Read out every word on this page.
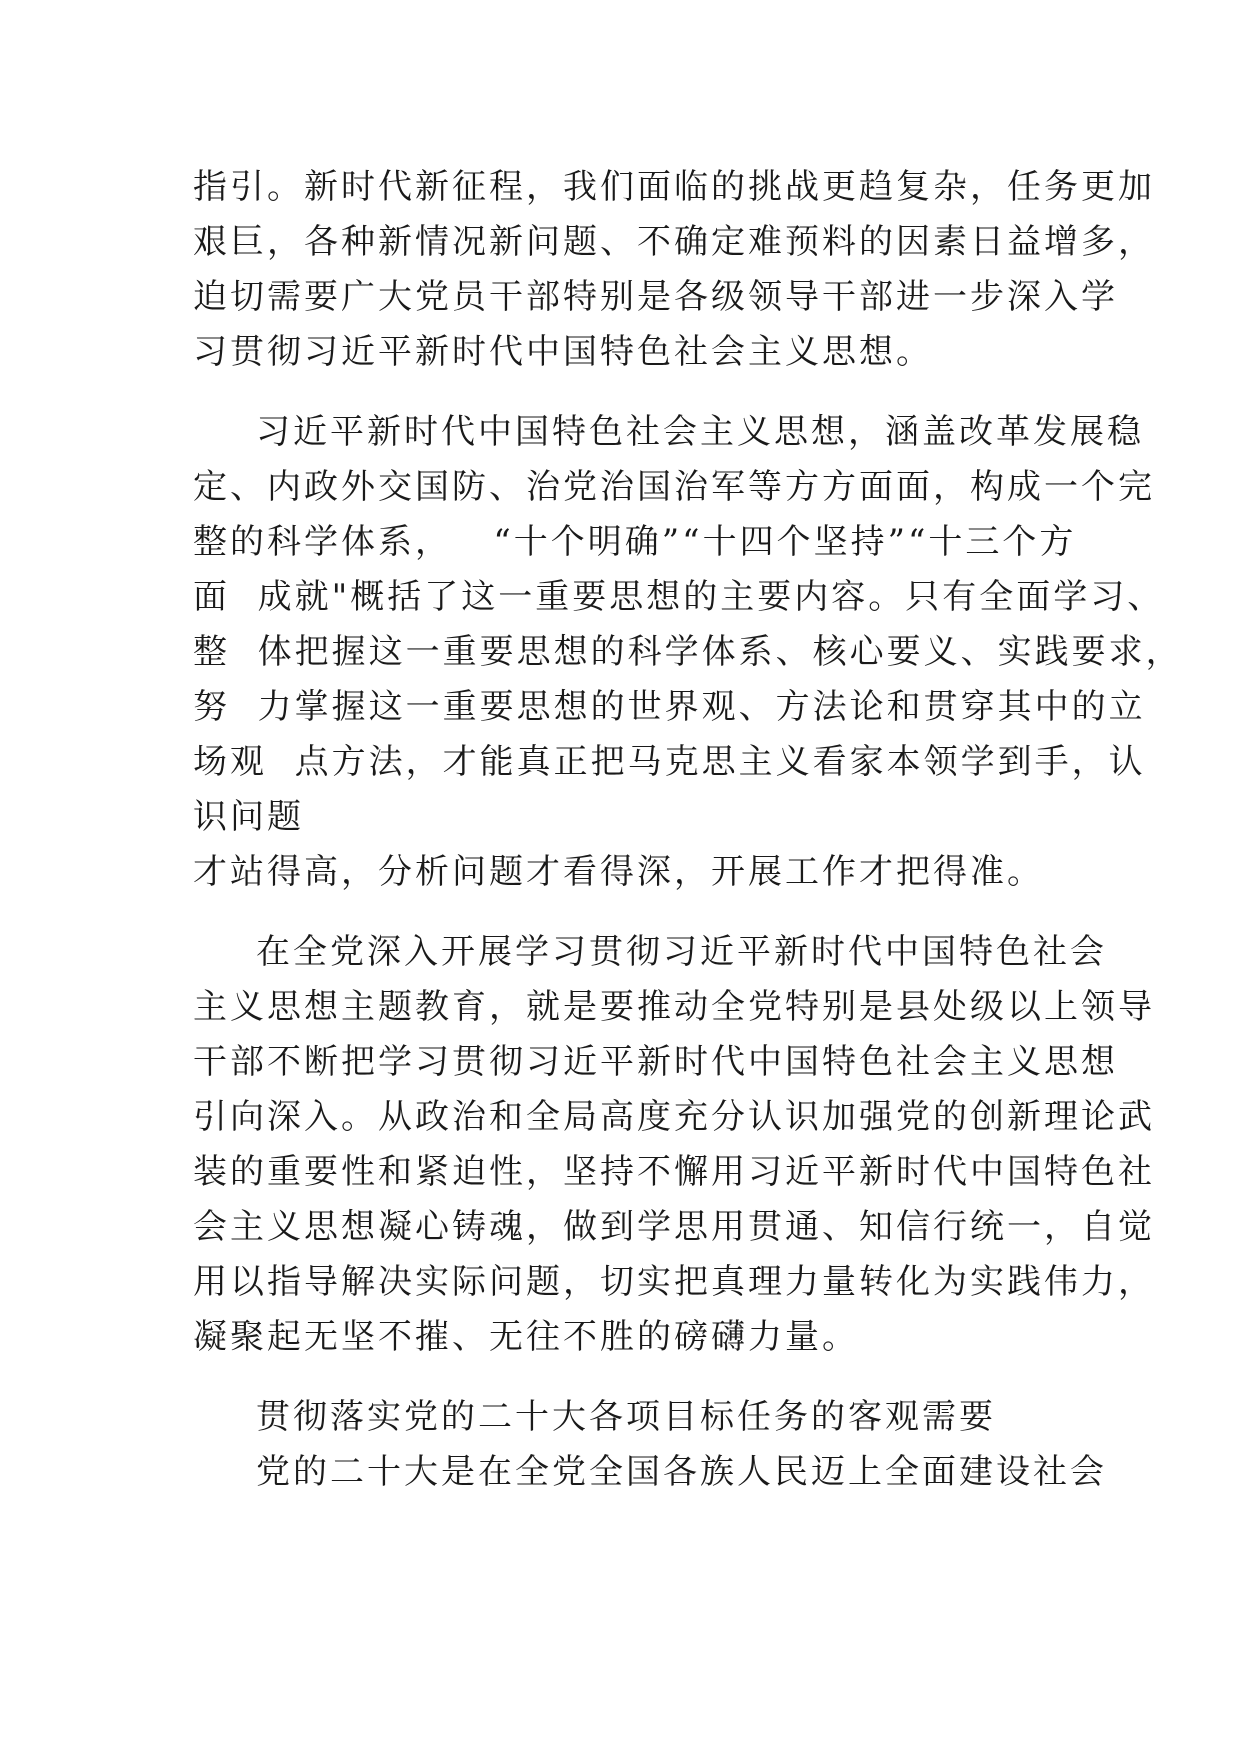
指引。新时代新征程，我们面临的挑战更趋复杂，任务更加
艰巨，各种新情况新问题、不确定难预料的因素日益增多，
迫切需要广大党员干部特别是各级领导干部进一步深入学
习贯彻习近平新时代中国特色社会主义思想。
习近平新时代中国特色社会主义思想，涵盖改革发展稳
定、内政外交国防、治党治国治军等方方面面，构成一个完
整的科学体系，   “十个明确”“十四个坚持”“十三个方
面  成就"概括了这一重要思想的主要内容。只有全面学习、
整  体把握这一重要思想的科学体系、核心要义、实践要求，
努  力掌握这一重要思想的世界观、方法论和贯穿其中的立
场观  点方法，才能真正把马克思主义看家本领学到手，认
识问题
才站得高，分析问题才看得深，开展工作才把得准。
在全党深入开展学习贯彻习近平新时代中国特色社会
主义思想主题教育，就是要推动全党特别是县处级以上领导
干部不断把学习贯彻习近平新时代中国特色社会主义思想
引向深入。从政治和全局高度充分认识加强党的创新理论武
装的重要性和紧迫性，坚持不懈用习近平新时代中国特色社
会主义思想凝心铸魂，做到学思用贯通、知信行统一，自觉
用以指导解决实际问题，切实把真理力量转化为实践伟力，
凝聚起无坚不摧、无往不胜的磅礴力量。
贯彻落实党的二十大各项目标任务的客观需要
党的二十大是在全党全国各族人民迈上全面建设社会
